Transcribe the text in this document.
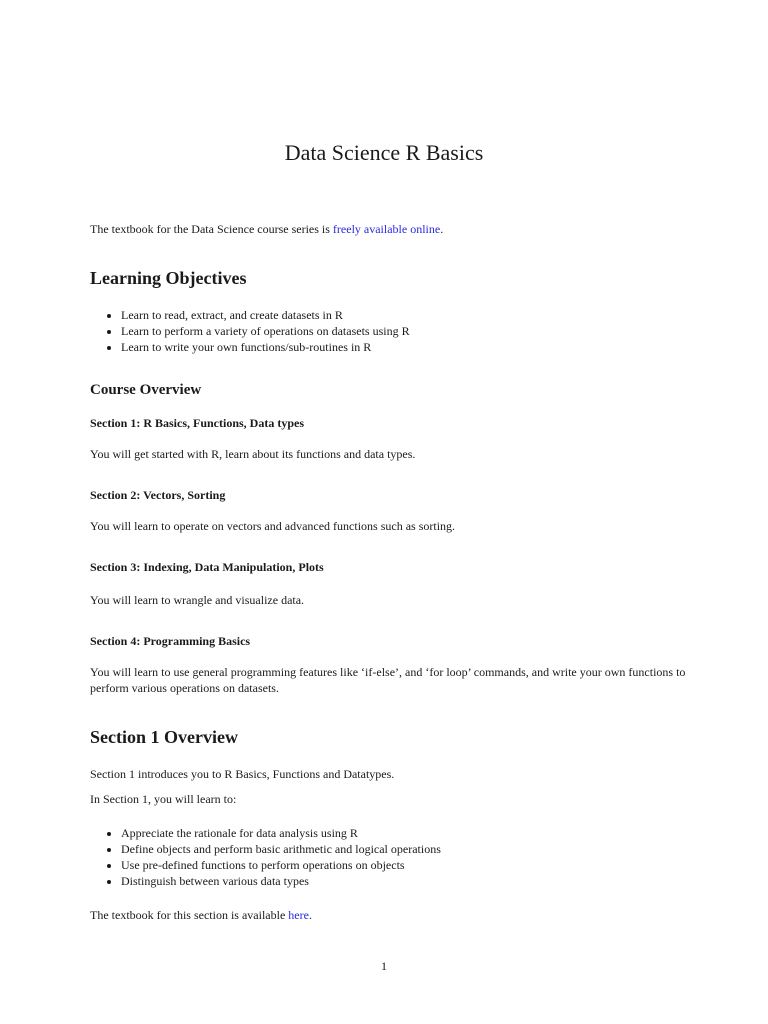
Data Science R Basics

The textbook for the Data Science course series is freely available online.

Learning Objectives
• Learn to read, extract, and create datasets in R
• Learn to perform a variety of operations on datasets using R
• Learn to write your own functions/sub-routines in R
Course Overview
Section 1: R Basics, Functions, Data types

You will get started with R, learn about its functions and data types.

Section 2: Vectors, Sorting

You will learn to operate on vectors and advanced functions such as sorting.

Section 3: Indexing, Data Manipulation, Plots

You will learn to wrangle and visualize data.

Section 4: Programming Basics

You will learn to use general programming features like ‘if-else’, and ‘for loop’ commands, and write your own functions to perform various operations on datasets.

Section 1 Overview

Section 1 introduces you to R Basics, Functions and Datatypes.

In Section 1, you will learn to:

• Appreciate the rationale for data analysis using R
• Define objects and perform basic arithmetic and logical operations
• Use pre-defined functions to perform operations on objects
• Distinguish between various data types

The textbook for this section is available here.

1
